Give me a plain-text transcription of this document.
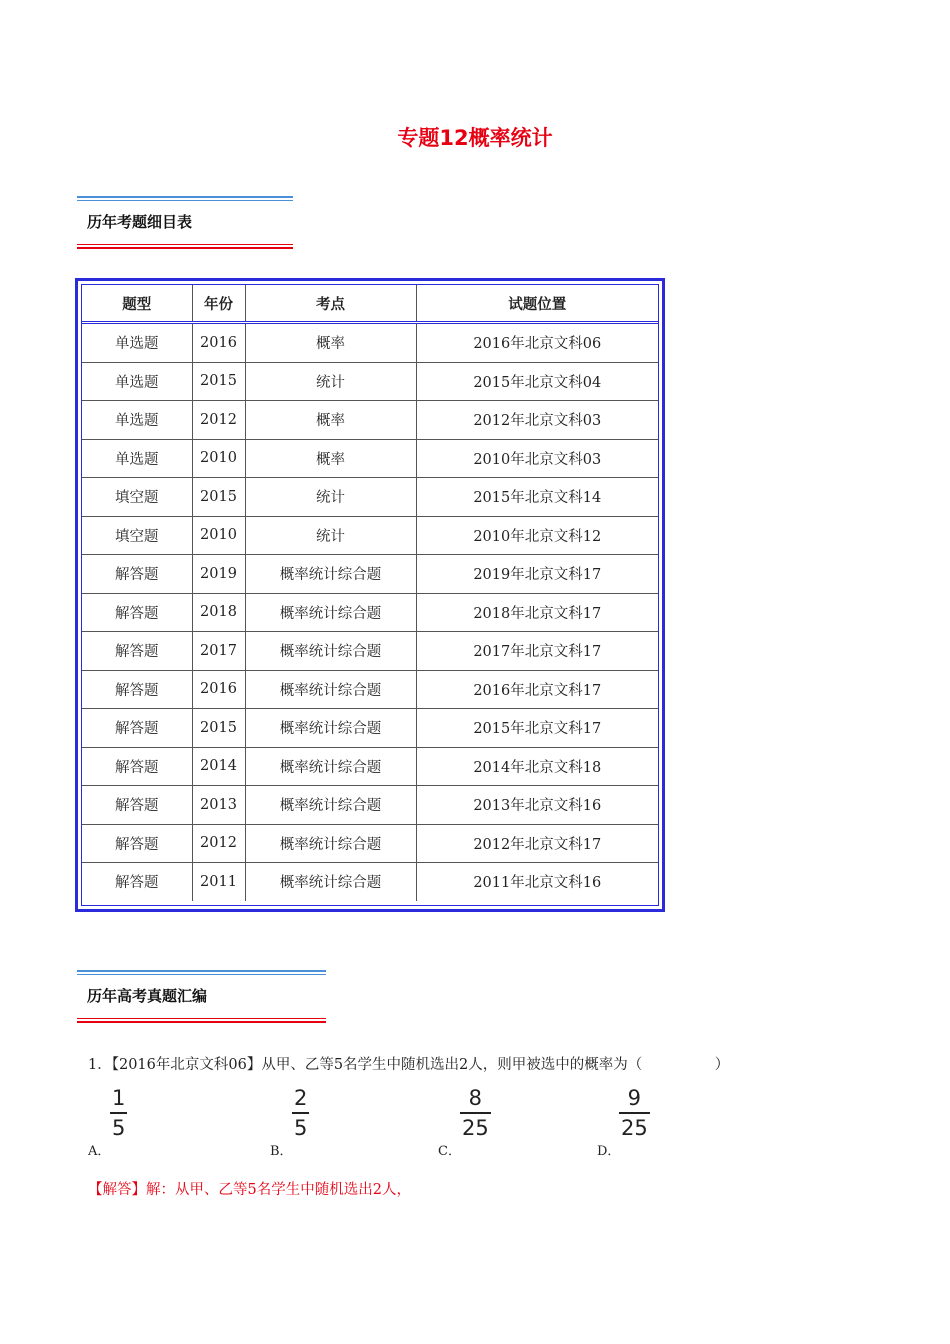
专题12概率统计
历年考题细目表
题型	年份	考点	试题位置
单选题	2016	概率	2016年北京文科06
单选题	2015	统计	2015年北京文科04
单选题	2012	概率	2012年北京文科03
单选题	2010	概率	2010年北京文科03
填空题	2015	统计	2015年北京文科14
填空题	2010	统计	2010年北京文科12
解答题	2019	概率统计综合题	2019年北京文科17
解答题	2018	概率统计综合题	2018年北京文科17
解答题	2017	概率统计综合题	2017年北京文科17
解答题	2016	概率统计综合题	2016年北京文科17
解答题	2015	概率统计综合题	2015年北京文科17
解答题	2014	概率统计综合题	2014年北京文科18
解答题	2013	概率统计综合题	2013年北京文科16
解答题	2012	概率统计综合题	2012年北京文科17
解答题	2011	概率统计综合题	2011年北京文科16
历年高考真题汇编
1．【2016年北京文科06】从甲、乙等5名学生中随机选出2人，则甲被选中的概率为（　　　　　）
1
5
A．
2
5
B．
8
25
C．
9
25
D．
【解答】解：从甲、乙等5名学生中随机选出2人，
